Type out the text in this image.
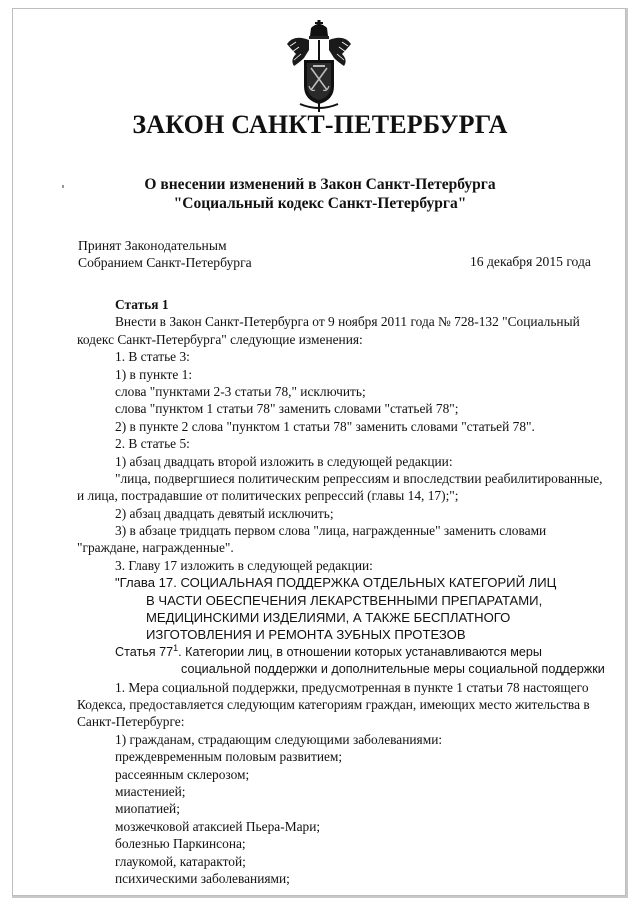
ЗАКОН САНКТ-ПЕТЕРБУРГА
О внесении изменений в Закон Санкт-Петербурга
"Социальный кодекс Санкт-Петербурга"
Принят Законодательным
Собранием Санкт-Петербурга	16 декабря 2015 года
Статья 1
Внести в Закон Санкт-Петербурга от 9 ноября 2011 года № 728-132 "Социальный
кодекс Санкт-Петербурга" следующие изменения:
1. В статье 3:
1) в пункте 1:
слова "пунктами 2-3 статьи 78," исключить;
слова "пунктом 1 статьи 78" заменить словами "статьей 78";
2) в пункте 2 слова "пунктом 1 статьи 78" заменить словами "статьей 78".
2. В статье 5:
1) абзац двадцать второй изложить в следующей редакции:
"лица, подвергшиеся политическим репрессиям и впоследствии реабилитированные,
и лица, пострадавшие от политических репрессий (главы 14, 17);";
2) абзац двадцать девятый исключить;
3) в абзаце тридцать первом слова "лица, награжденные" заменить словами
"граждане, награжденные".
3. Главу 17 изложить в следующей редакции:
"Глава 17. СОЦИАЛЬНАЯ ПОДДЕРЖКА ОТДЕЛЬНЫХ КАТЕГОРИЙ ЛИЦ
В ЧАСТИ ОБЕСПЕЧЕНИЯ ЛЕКАРСТВЕННЫМИ ПРЕПАРАТАМИ,
МЕДИЦИНСКИМИ ИЗДЕЛИЯМИ, А ТАКЖЕ БЕСПЛАТНОГО
ИЗГОТОВЛЕНИЯ И РЕМОНТА ЗУБНЫХ ПРОТЕЗОВ
Статья $77^1$. Категории лиц, в отношении которых устанавливаются меры
социальной поддержки и дополнительные меры социальной поддержки
1. Мера социальной поддержки, предусмотренная в пункте 1 статьи 78 настоящего
Кодекса, предоставляется следующим категориям граждан, имеющих место жительства в
Санкт-Петербурге:
1) гражданам, страдающим следующими заболеваниями:
преждевременным половым развитием;
рассеянным склерозом;
миастенией;
миопатией;
мозжечковой атаксией Пьера-Мари;
болезнью Паркинсона;
глаукомой, катарактой;
психическими заболеваниями;
